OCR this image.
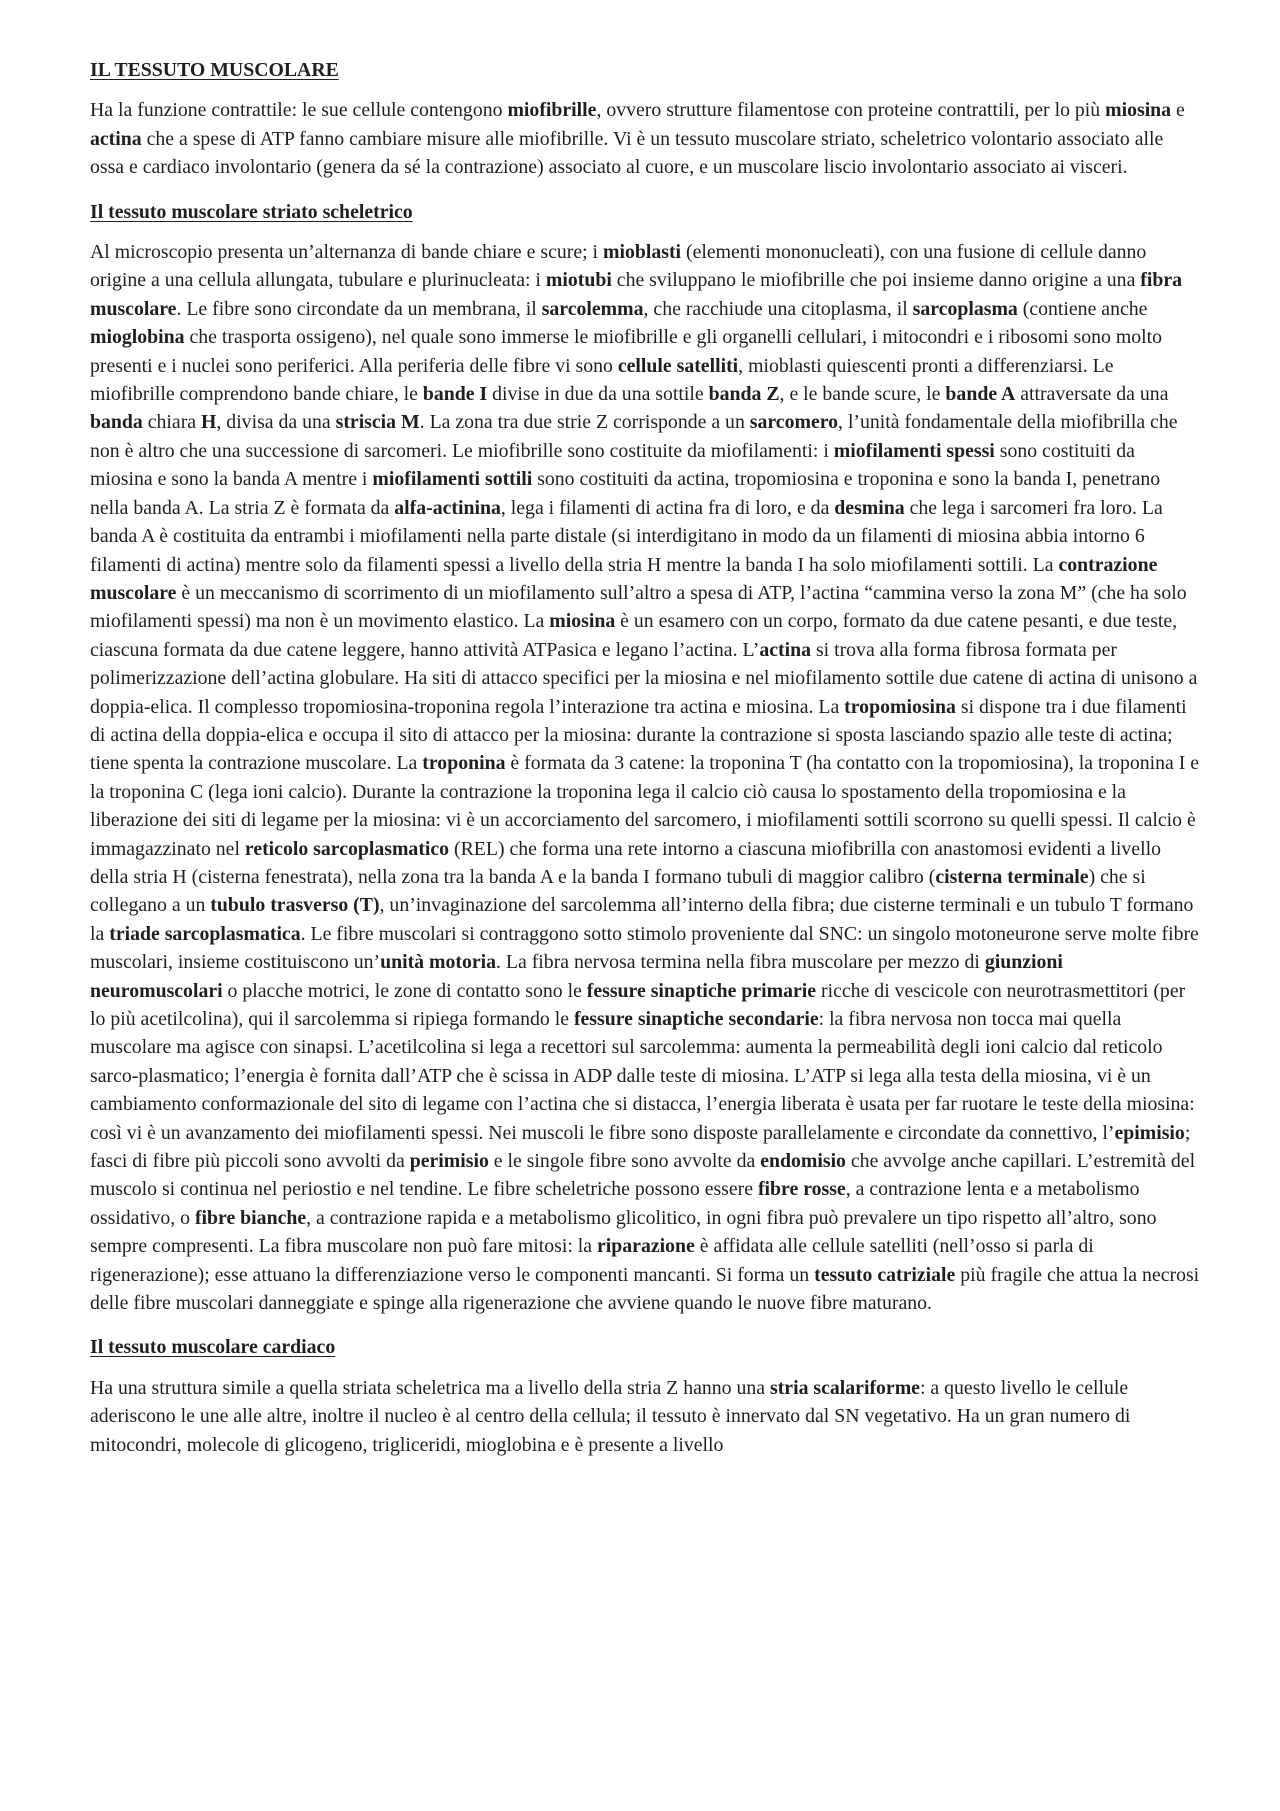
IL TESSUTO MUSCOLARE

Ha la funzione contrattile: le sue cellule contengono miofibrille, ovvero strutture filamentose con proteine contrattili, per lo più miosina e actina che a spese di ATP fanno cambiare misure alle miofibrille. Vi è un tessuto muscolare striato, scheletrico volontario associato alle ossa e cardiaco involontario (genera da sé la contrazione) associato al cuore, e un muscolare liscio involontario associato ai visceri.

Il tessuto muscolare striato scheletrico

Al microscopio presenta un’alternanza di bande chiare e scure; i mioblasti (elementi mononucleati), con una fusione di cellule danno origine a una cellula allungata, tubulare e plurinucleata: i miotubi che sviluppano le miofibrille che poi insieme danno origine a una fibra muscolare. Le fibre sono circondate da un membrana, il sarcolemma, che racchiude una citoplasma, il sarcoplasma (contiene anche mioglobina che trasporta ossigeno), nel quale sono immerse le miofibrille e gli organelli cellulari, i mitocondri e i ribosomi sono molto presenti e i nuclei sono periferici. Alla periferia delle fibre vi sono cellule satelliti, mioblasti quiescenti pronti a differenziarsi. Le miofibrille comprendono bande chiare, le bande I divise in due da una sottile banda Z, e le bande scure, le bande A attraversate da una banda chiara H, divisa da una striscia M. La zona tra due strie Z corrisponde a un sarcomero, l’unità fondamentale della miofibrilla che non è altro che una successione di sarcomeri. Le miofibrille sono costituite da miofilamenti: i miofilamenti spessi sono costituiti da miosina e sono la banda A mentre i miofilamenti sottili sono costituiti da actina, tropomiosina e troponina e sono la banda I, penetrano nella banda A. La stria Z è formata da alfa-actinina, lega i filamenti di actina fra di loro, e da desmina che lega i sarcomeri fra loro. La banda A è costituita da entrambi i miofilamenti nella parte distale (si interdigitano in modo da un filamenti di miosina abbia intorno 6 filamenti di actina) mentre solo da filamenti spessi a livello della stria H mentre la banda I ha solo miofilamenti sottili. La contrazione muscolare è un meccanismo di scorrimento di un miofilamento sull’altro a spesa di ATP, l’actina “cammina verso la zona M” (che ha solo miofilamenti spessi) ma non è un movimento elastico. La miosina è un esamero con un corpo, formato da due catene pesanti, e due teste, ciascuna formata da due catene leggere, hanno attività ATPasica e legano l’actina. L’actina si trova alla forma fibrosa formata per polimerizzazione dell’actina globulare. Ha siti di attacco specifici per la miosina e nel miofilamento sottile due catene di actina di unisono a doppia-elica. Il complesso tropomiosina-troponina regola l’interazione tra actina e miosina. La tropomiosina si dispone tra i due filamenti di actina della doppia-elica e occupa il sito di attacco per la miosina: durante la contrazione si sposta lasciando spazio alle teste di actina; tiene spenta la contrazione muscolare. La troponina è formata da 3 catene: la troponina T (ha contatto con la tropomiosina), la troponina I e la troponina C (lega ioni calcio). Durante la contrazione la troponina lega il calcio ciò causa lo spostamento della tropomiosina e la liberazione dei siti di legame per la miosina: vi è un accorciamento del sarcomero, i miofilamenti sottili scorrono su quelli spessi. Il calcio è immagazzinato nel reticolo sarcoplasmatico (REL) che forma una rete intorno a ciascuna miofibrilla con anastomosi evidenti a livello della stria H (cisterna fenestrata), nella zona tra la banda A e la banda I formano tubuli di maggior calibro (cisterna terminale) che si collegano a un tubulo trasverso (T), un’invaginazione del sarcolemma all’interno della fibra; due cisterne terminali e un tubulo T formano la triade sarcoplasmatica. Le fibre muscolari si contraggono sotto stimolo proveniente dal SNC: un singolo motoneurone serve molte fibre muscolari, insieme costituiscono un’unità motoria. La fibra nervosa termina nella fibra muscolare per mezzo di giunzioni neuromuscolari o placche motrici, le zone di contatto sono le fessure sinaptiche primarie ricche di vescicole con neurotrasmettitori (per lo più acetilcolina), qui il sarcolemma si ripiega formando le fessure sinaptiche secondarie: la fibra nervosa non tocca mai quella muscolare ma agisce con sinapsi. L’acetilcolina si lega a recettori sul sarcolemma: aumenta la permeabilità degli ioni calcio dal reticolo sarco-plasmatico; l’energia è fornita dall’ATP che è scissa in ADP dalle teste di miosina. L’ATP si lega alla testa della miosina, vi è un cambiamento conformazionale del sito di legame con l’actina che si distacca, l’energia liberata è usata per far ruotare le teste della miosina: così vi è un avanzamento dei miofilamenti spessi. Nei muscoli le fibre sono disposte parallelamente e circondate da connettivo, l’epimisio; fasci di fibre più piccoli sono avvolti da perimisio e le singole fibre sono avvolte da endomisio che avvolge anche capillari. L’estremità del muscolo si continua nel periostio e nel tendine. Le fibre scheletriche possono essere fibre rosse, a contrazione lenta e a metabolismo ossidativo, o fibre bianche, a contrazione rapida e a metabolismo glicolitico, in ogni fibra può prevalere un tipo rispetto all’altro, sono sempre compresenti. La fibra muscolare non può fare mitosi: la riparazione è affidata alle cellule satelliti (nell’osso si parla di rigenerazione); esse attuano la differenziazione verso le componenti mancanti. Si forma un tessuto catriziale più fragile che attua la necrosi delle fibre muscolari danneggiate e spinge alla rigenerazione che avviene quando le nuove fibre maturano.

Il tessuto muscolare cardiaco

Ha una struttura simile a quella striata scheletrica ma a livello della stria Z hanno una stria scalariforme: a questo livello le cellule aderiscono le une alle altre, inoltre il nucleo è al centro della cellula; il tessuto è innervato dal SN vegetativo. Ha un gran numero di mitocondri, molecole di glicogeno, trigliceridi, mioglobina e è presente a livello
